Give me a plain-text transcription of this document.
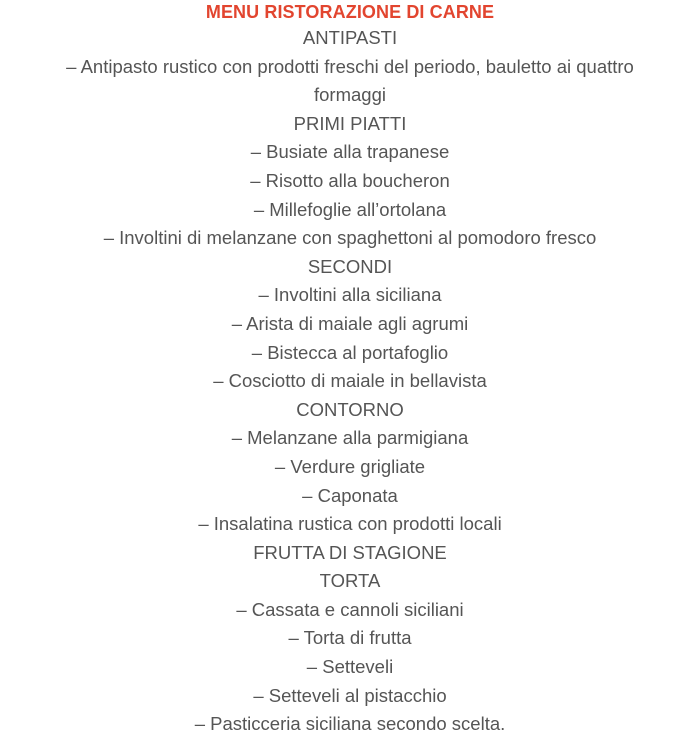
MENU RISTORAZIONE DI CARNE
ANTIPASTI
– Antipasto rustico con prodotti freschi del periodo, bauletto ai quattro formaggi
PRIMI PIATTI
– Busiate alla trapanese
– Risotto alla boucheron
– Millefoglie all’ortolana
– Involtini di melanzane con spaghettoni al pomodoro fresco
SECONDI
– Involtini alla siciliana
– Arista di maiale agli agrumi
– Bistecca al portafoglio
– Cosciotto di maiale in bellavista
CONTORNO
– Melanzane alla parmigiana
– Verdure grigliate
– Caponata
– Insalatina rustica con prodotti locali
FRUTTA DI STAGIONE
TORTA
– Cassata e cannoli siciliani
– Torta di frutta
– Setteveli
– Setteveli al pistacchio
– Pasticceria siciliana secondo scelta.
